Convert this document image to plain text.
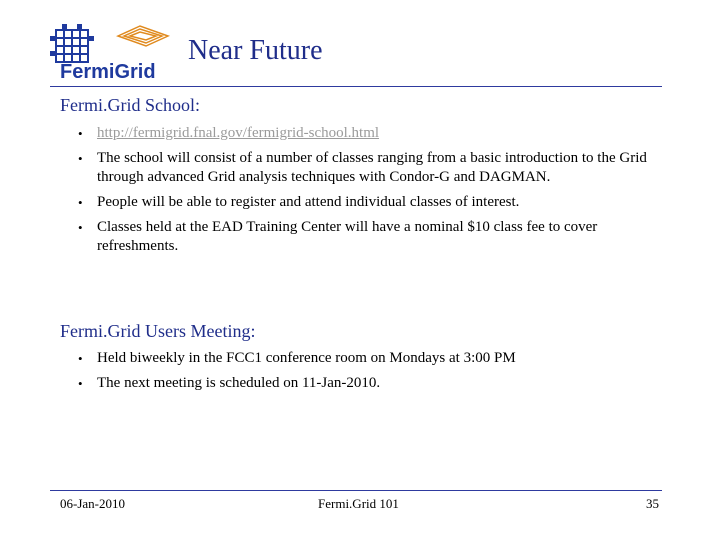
FermiGrid
Near Future
Fermi.Grid School:
• http://fermigrid.fnal.gov/fermigrid-school.html
• The school will consist of a number of classes ranging from a basic introduction to the Grid through advanced Grid analysis techniques with Condor-G and DAGMAN.
• People will be able to register and attend individual classes of interest.
• Classes held at the EAD Training Center will have a nominal $10 class fee to cover refreshments.
Fermi.Grid Users Meeting:
• Held biweekly in the FCC1 conference room on Mondays at 3:00 PM
• The next meeting is scheduled on 11-Jan-2010.
06-Jan-2010	Fermi.Grid 101	35
